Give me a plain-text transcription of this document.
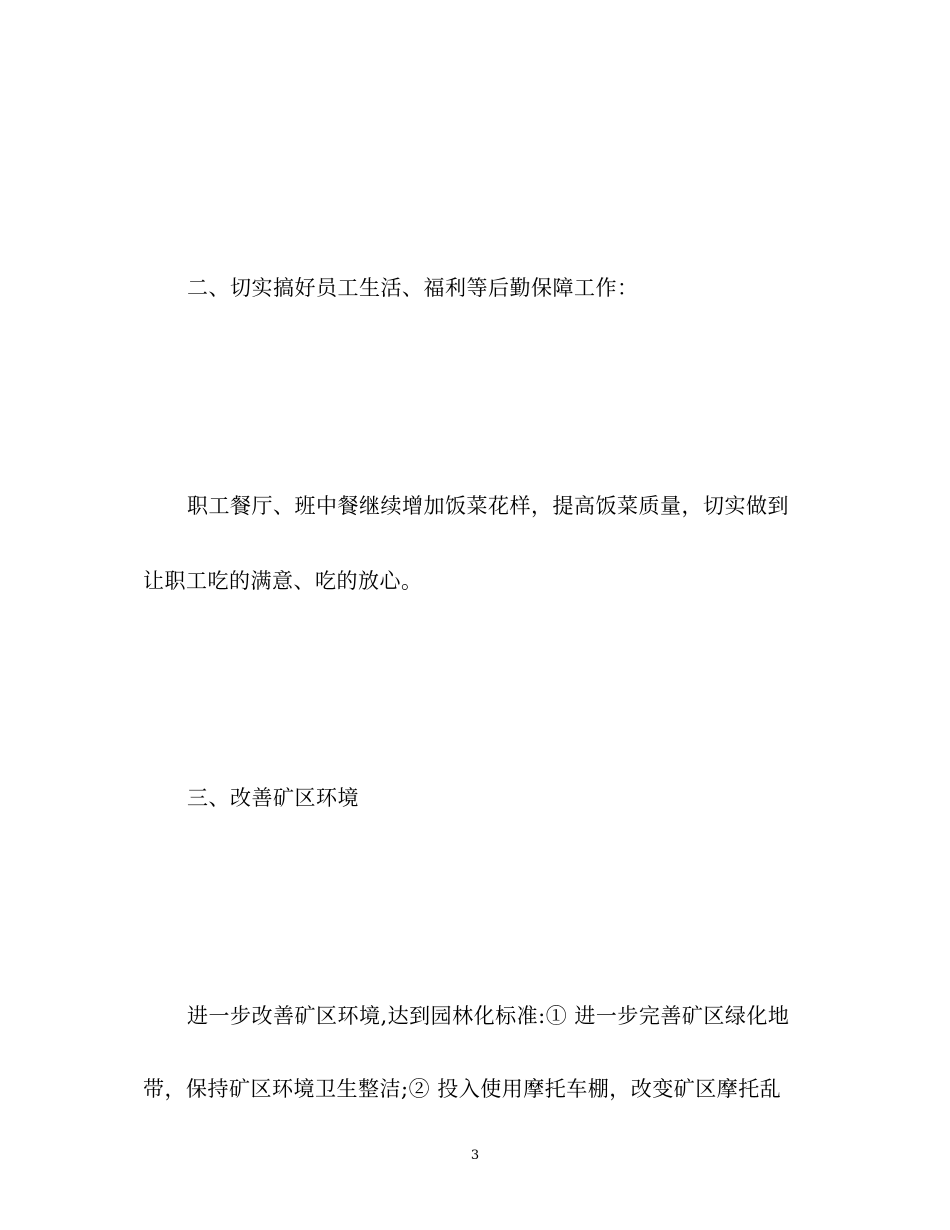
二、切实搞好员工生活、福利等后勤保障工作：
职工餐厅、班中餐继续增加饭菜花样，提高饭菜质量，切实做到
让职工吃的满意、吃的放心。
三、改善矿区环境
进一步改善矿区环境,达到园林化标准:① 进一步完善矿区绿化地
带，保持矿区环境卫生整洁;② 投入使用摩托车棚，改变矿区摩托乱
3
